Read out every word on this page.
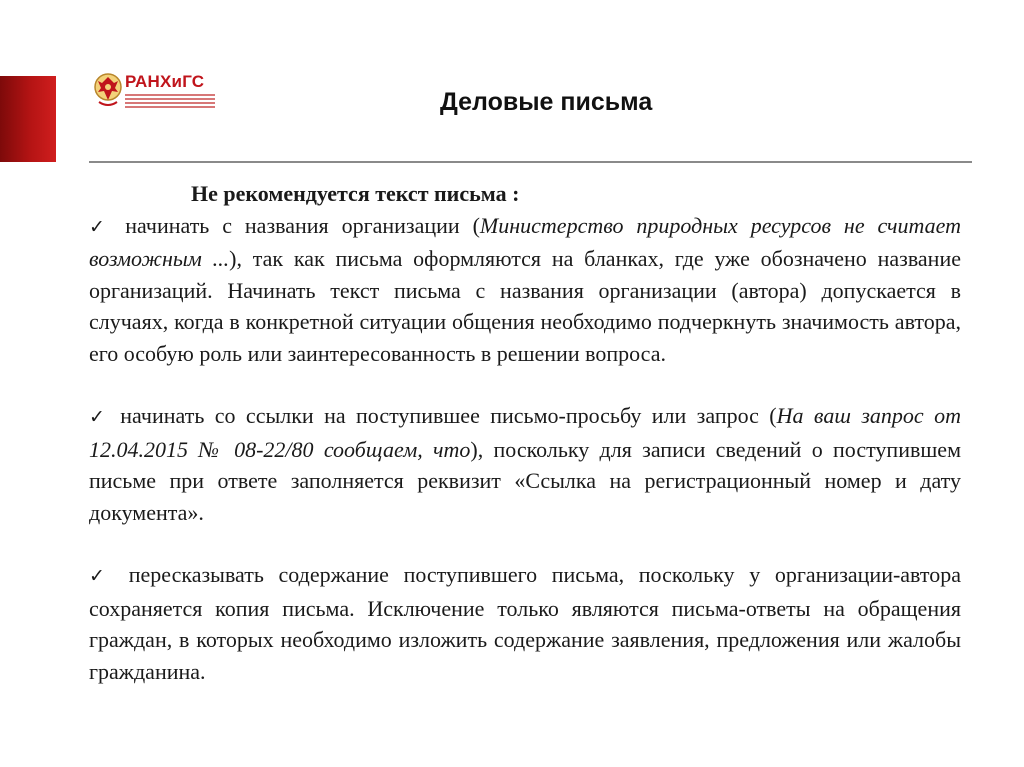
РАНХиГС
Деловые письма
Не рекомендуется текст письма :

✓ начинать с названия организации (Министерство природных ресурсов не считает возможным ...), так как письма оформляются на бланках, где уже обозначено название организаций. Начинать текст письма с названия организации (автора) допускается в случаях, когда в конкретной ситуации общения необходимо подчеркнуть значимость автора, его особую роль или заинтересованность в решении вопроса.

✓ начинать со ссылки на поступившее письмо-просьбу или запрос (На ваш запрос от 12.04.2015 № 08-22/80 сообщаем, что), поскольку для записи сведений о поступившем письме при ответе заполняется реквизит «Ссылка на регистрационный номер и дату документа».

✓ пересказывать содержание поступившего письма, поскольку у организации-автора сохраняется копия письма. Исключение только являются письма-ответы на обращения граждан, в которых необходимо изложить содержание заявления, предложения или жалобы гражданина.
